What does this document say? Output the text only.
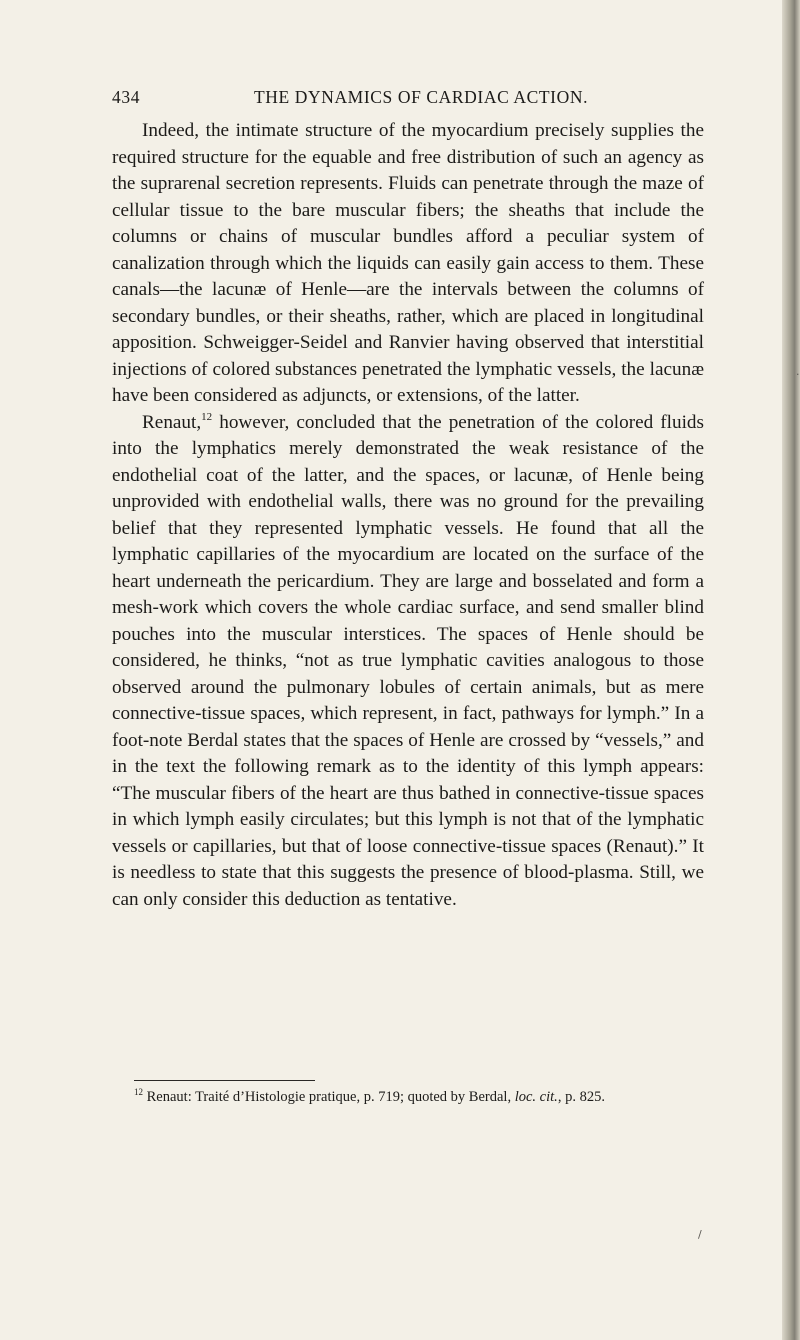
434	THE DYNAMICS OF CARDIAC ACTION.

Indeed, the intimate structure of the myocardium precisely supplies the required structure for the equable and free distribution of such an agency as the suprarenal secretion represents. Fluids can penetrate through the maze of cellular tissue to the bare muscular fibers; the sheaths that include the columns or chains of muscular bundles afford a peculiar system of canalization through which the liquids can easily gain access to them. These canals—the lacunæ of Henle—are the intervals between the columns of secondary bundles, or their sheaths, rather, which are placed in longitudinal apposition. Schweigger-Seidel and Ranvier having observed that interstitial injections of colored substances penetrated the lymphatic vessels, the lacunæ have been considered as adjuncts, or extensions, of the latter.

Renaut,$^{12}$ however, concluded that the penetration of the colored fluids into the lymphatics merely demonstrated the weak resistance of the endothelial coat of the latter, and the spaces, or lacunæ, of Henle being unprovided with endothelial walls, there was no ground for the prevailing belief that they represented lymphatic vessels. He found that all the lymphatic capillaries of the myocardium are located on the surface of the heart underneath the pericardium. They are large and bosselated and form a mesh-work which covers the whole cardiac surface, and send smaller blind pouches into the muscular interstices. The spaces of Henle should be considered, he thinks, “not as true lymphatic cavities analogous to those observed around the pulmonary lobules of certain animals, but as mere connective-tissue spaces, which represent, in fact, pathways for lymph.” In a foot-note Berdal states that the spaces of Henle are crossed by “vessels,” and in the text the following remark as to the identity of this lymph appears: “The muscular fibers of the heart are thus bathed in connective-tissue spaces in which lymph easily circulates; but this lymph is not that of the lymphatic vessels or capillaries, but that of loose connective-tissue spaces (Renaut).” It is needless to state that this suggests the presence of blood-plasma. Still, we can only consider this deduction as tentative.

$^{12}$ Renaut: Traité d’Histologie pratique, p. 719; quoted by Berdal, loc. cit., p. 825.

·
/
